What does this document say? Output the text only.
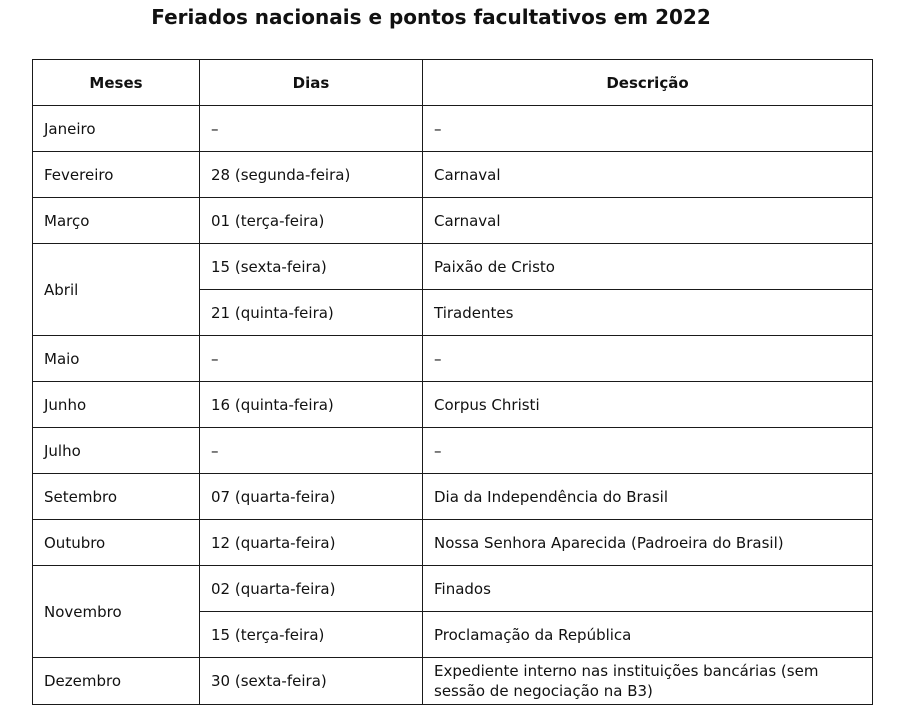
Feriados nacionais e pontos facultativos em 2022
Meses	Dias	Descrição
Janeiro	–	–
Fevereiro	28 (segunda-feira)	Carnaval
Março	01 (terça-feira)	Carnaval
Abril	15 (sexta-feira)	Paixão de Cristo
	21 (quinta-feira)	Tiradentes
Maio	–	–
Junho	16 (quinta-feira)	Corpus Christi
Julho	–	–
Setembro	07 (quarta-feira)	Dia da Independência do Brasil
Outubro	12 (quarta-feira)	Nossa Senhora Aparecida (Padroeira do Brasil)
Novembro	02 (quarta-feira)	Finados
	15 (terça-feira)	Proclamação da República
Dezembro	30 (sexta-feira)	Expediente interno nas instituições bancárias (sem sessão de negociação na B3)
